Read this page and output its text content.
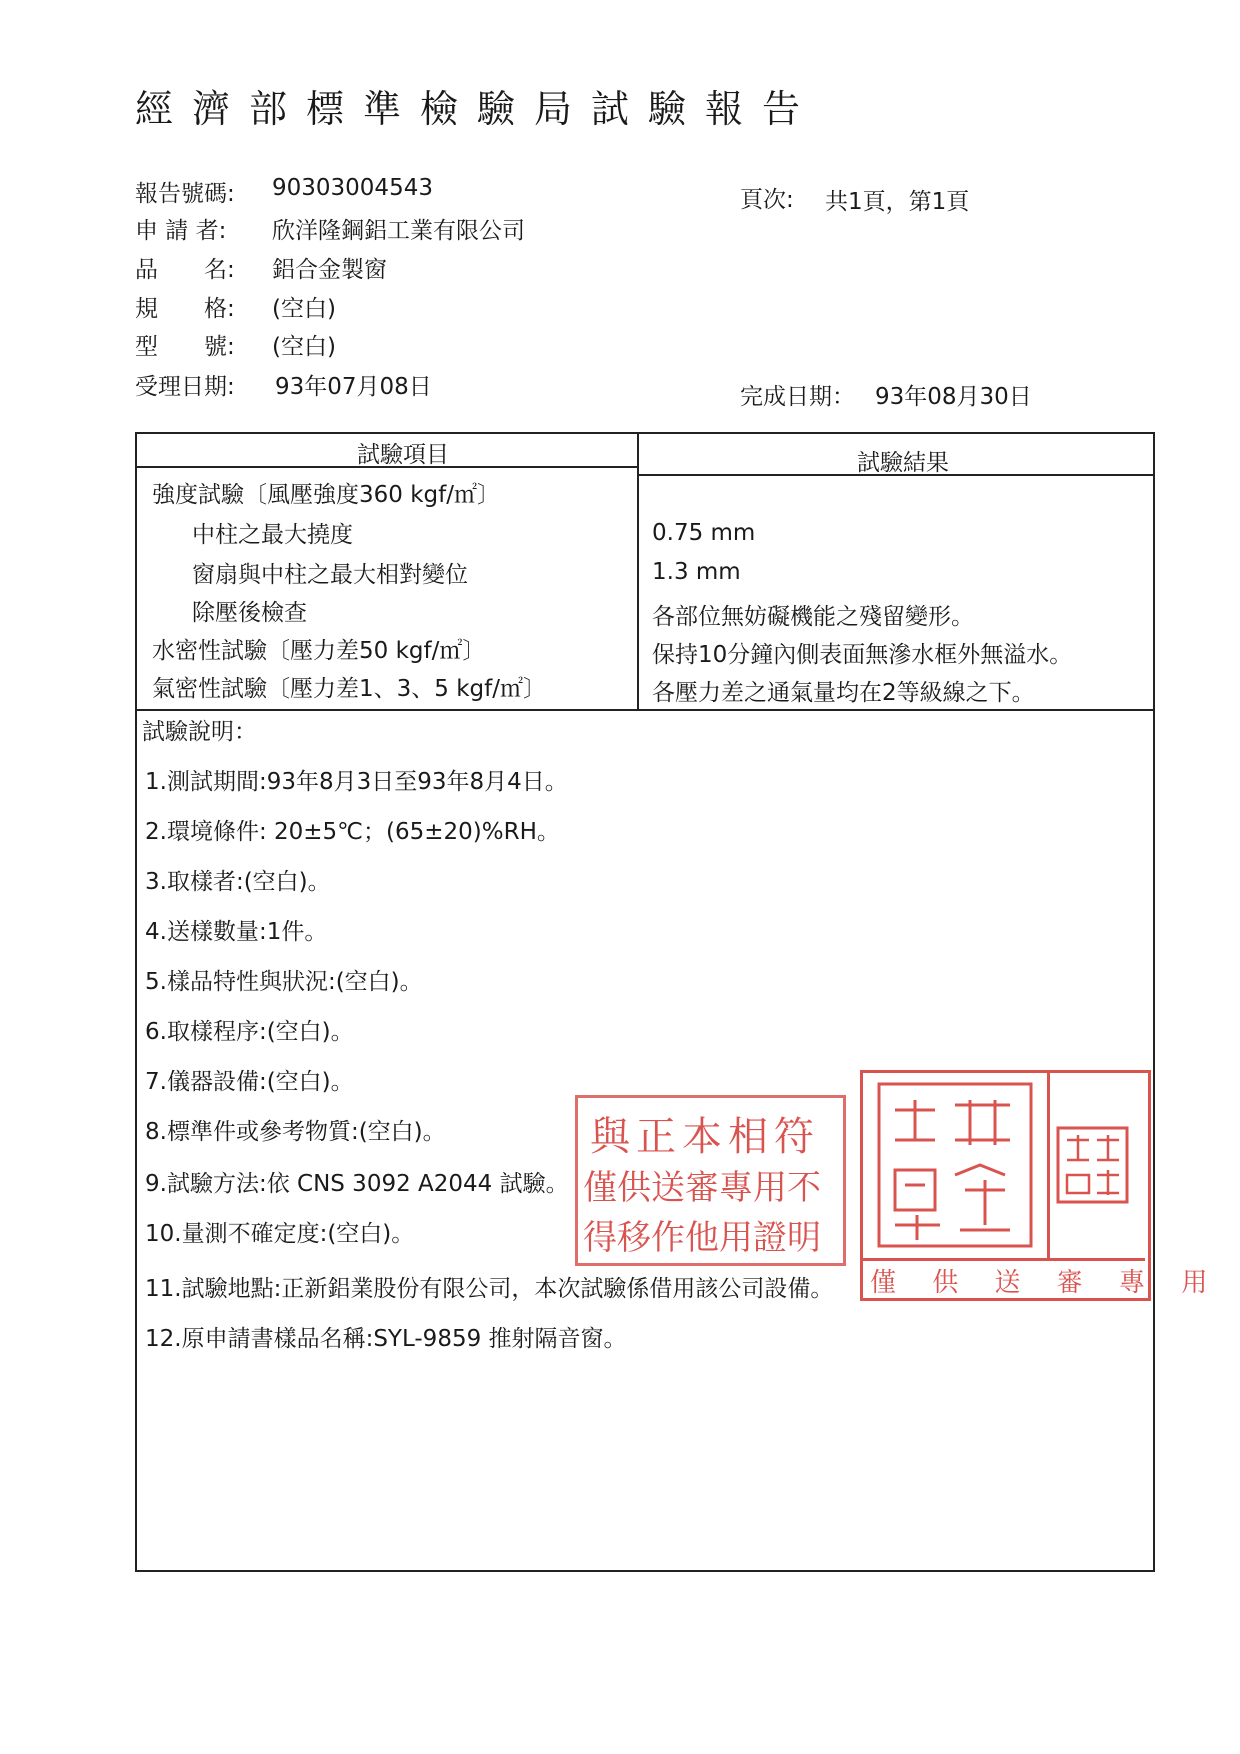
經濟部標準檢驗局試驗報告
報告號碼: 90303004543	頁次: 共1頁，第1頁
申 請 者: 欣洋隆鋼鋁工業有限公司
品　　名: 鋁合金製窗
規　　格: (空白)
型　　號: (空白)
受理日期: 93年07月08日	完成日期： 93年08月30日
試驗項目	試驗結果
強度試驗〔風壓強度360 kgf/㎡〕
中柱之最大撓度	0.75 mm
窗扇與中柱之最大相對變位	1.3 mm
除壓後檢查	各部位無妨礙機能之殘留變形。
水密性試驗〔壓力差50 kgf/㎡〕	保持10分鐘內側表面無滲水框外無溢水。
氣密性試驗〔壓力差1、3、5 kgf/㎡〕	各壓力差之通氣量均在2等級線之下。
試驗說明：
1.測試期間:93年8月3日至93年8月4日。
2.環境條件: 20±5℃；(65±20)%RH。
3.取樣者:(空白)。
4.送樣數量:1件。
5.樣品特性與狀況:(空白)。
6.取樣程序:(空白)。
7.儀器設備:(空白)。
8.標準件或參考物質:(空白)。
9.試驗方法:依 CNS 3092 A2044 試驗。
10.量測不確定度:(空白)。
11.試驗地點:正新鋁業股份有限公司，本次試驗係借用該公司設備。
12.原申請書樣品名稱:SYL-9859 推射隔音窗。
與正本相符
僅供送審專用不
得移作他用證明
僅 供 送 審 專 用
